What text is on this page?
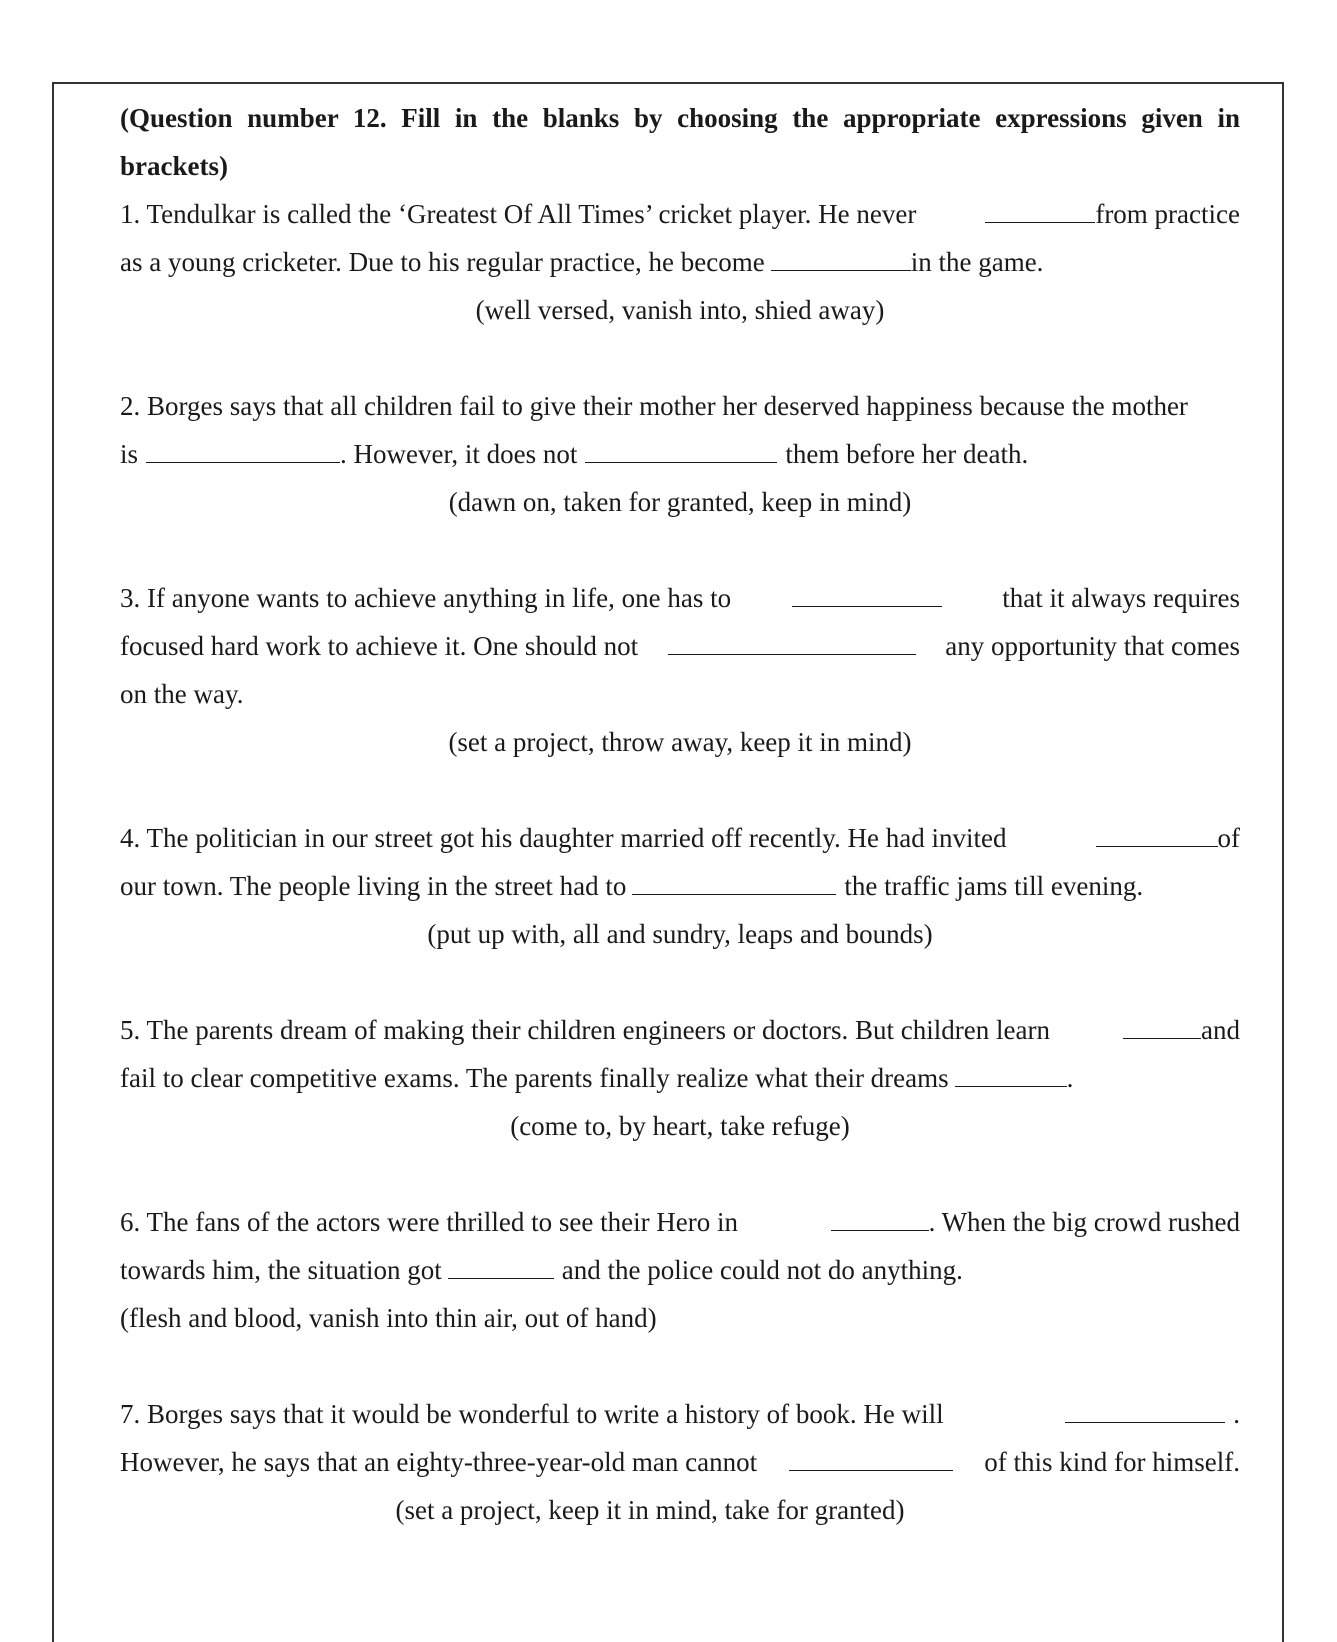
(Question number 12. Fill in the blanks by choosing the appropriate expressions given in brackets)

1. Tendulkar is called the ‘Greatest Of All Times’ cricket player. He never	from practice
as a young cricketer. Due to his regular practice, he become	in the game.
(well versed, vanish into, shied away)
2. Borges says that all children fail to give their mother her deserved happiness because the mother
is	. However, it does not	them before her death.
(dawn on, taken for granted, keep in mind)
3. If anyone wants to achieve anything in life, one has to	that it always requires
focused hard work to achieve it. One should not	any opportunity that comes
on the way.
(set a project, throw away, keep it in mind)
4. The politician in our street got his daughter married off recently. He had invited	of
our town. The people living in the street had to	the traffic jams till evening.
(put up with, all and sundry, leaps and bounds)
5. The parents dream of making their children engineers or doctors. But children learn	and
fail to clear competitive exams. The parents finally realize what their dreams	.
(come to, by heart, take refuge)
6. The fans of the actors were thrilled to see their Hero in	. When the big crowd rushed
towards him, the situation got	and the police could not do anything.
(flesh and blood, vanish into thin air, out of hand)
7. Borges says that it would be wonderful to write a history of book. He will	.
However, he says that an eighty-three-year-old man cannot	of this kind for himself.
(set a project, keep it in mind, take for granted)
